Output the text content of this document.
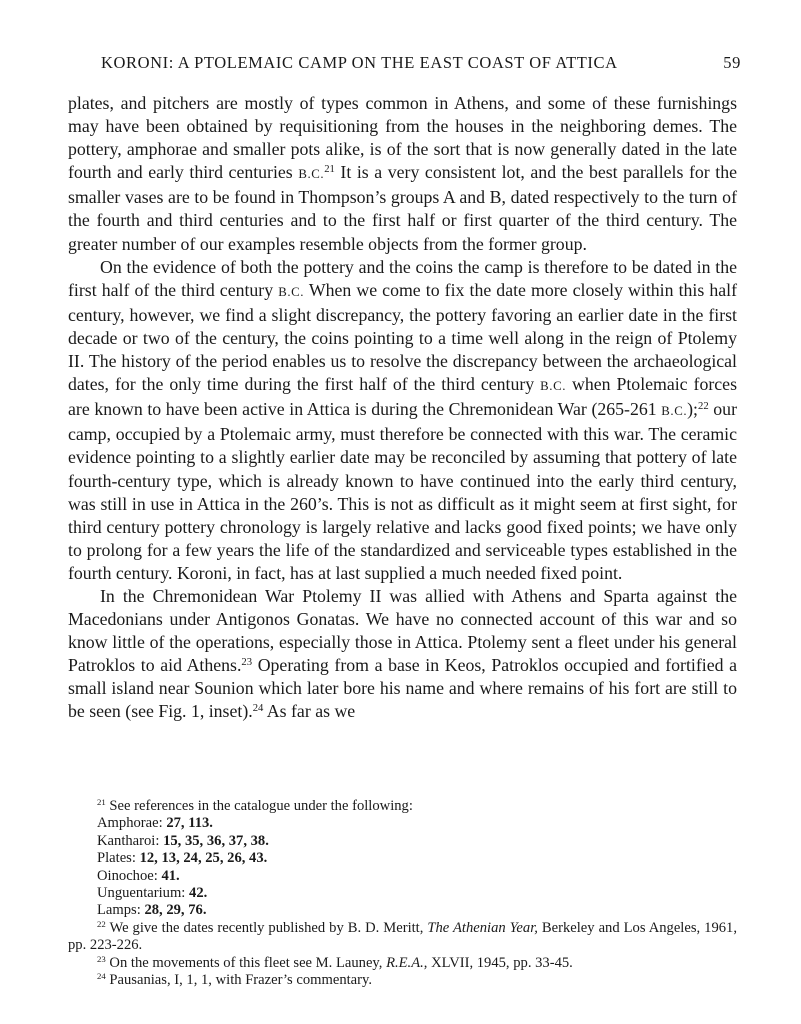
KORONI: A PTOLEMAIC CAMP ON THE EAST COAST OF ATTICA	59

plates, and pitchers are mostly of types common in Athens, and some of these furnishings may have been obtained by requisitioning from the houses in the neighboring demes. The pottery, amphorae and smaller pots alike, is of the sort that is now generally dated in the late fourth and early third centuries B.C.$^{21}$ It is a very consistent lot, and the best parallels for the smaller vases are to be found in Thompson’s groups A and B, dated respectively to the turn of the fourth and third centuries and to the first half or first quarter of the third century. The greater number of our examples resemble objects from the former group.

On the evidence of both the pottery and the coins the camp is therefore to be dated in the first half of the third century B.C. When we come to fix the date more closely within this half century, however, we find a slight discrepancy, the pottery favoring an earlier date in the first decade or two of the century, the coins pointing to a time well along in the reign of Ptolemy II. The history of the period enables us to resolve the discrepancy between the archaeological dates, for the only time during the first half of the third century B.C. when Ptolemaic forces are known to have been active in Attica is during the Chremonidean War (265-261 B.C.);$^{22}$ our camp, occupied by a Ptolemaic army, must therefore be connected with this war. The ceramic evidence pointing to a slightly earlier date may be reconciled by assuming that pottery of late fourth-century type, which is already known to have continued into the early third century, was still in use in Attica in the 260’s. This is not as difficult as it might seem at first sight, for third century pottery chronology is largely relative and lacks good fixed points; we have only to prolong for a few years the life of the standardized and serviceable types established in the fourth century. Koroni, in fact, has at last supplied a much needed fixed point.

In the Chremonidean War Ptolemy II was allied with Athens and Sparta against the Macedonians under Antigonos Gonatas. We have no connected account of this war and so know little of the operations, especially those in Attica. Ptolemy sent a fleet under his general Patroklos to aid Athens.$^{23}$ Operating from a base in Keos, Patroklos occupied and fortified a small island near Sounion which later bore his name and where remains of his fort are still to be seen (see Fig. 1, inset).$^{24}$ As far as we

$^{21}$ See references in the catalogue under the following:

Amphorae: 27, 113.
Kantharoi: 15, 35, 36, 37, 38.
Plates: 12, 13, 24, 25, 26, 43.
Oinochoe: 41.
Unguentarium: 42.
Lamps: 28, 29, 76.

$^{22}$ We give the dates recently published by B. D. Meritt, The Athenian Year, Berkeley and Los Angeles, 1961, pp. 223-226.

$^{23}$ On the movements of this fleet see M. Launey, R.E.A., XLVII, 1945, pp. 33-45.

$^{24}$ Pausanias, I, 1, 1, with Frazer’s commentary.
